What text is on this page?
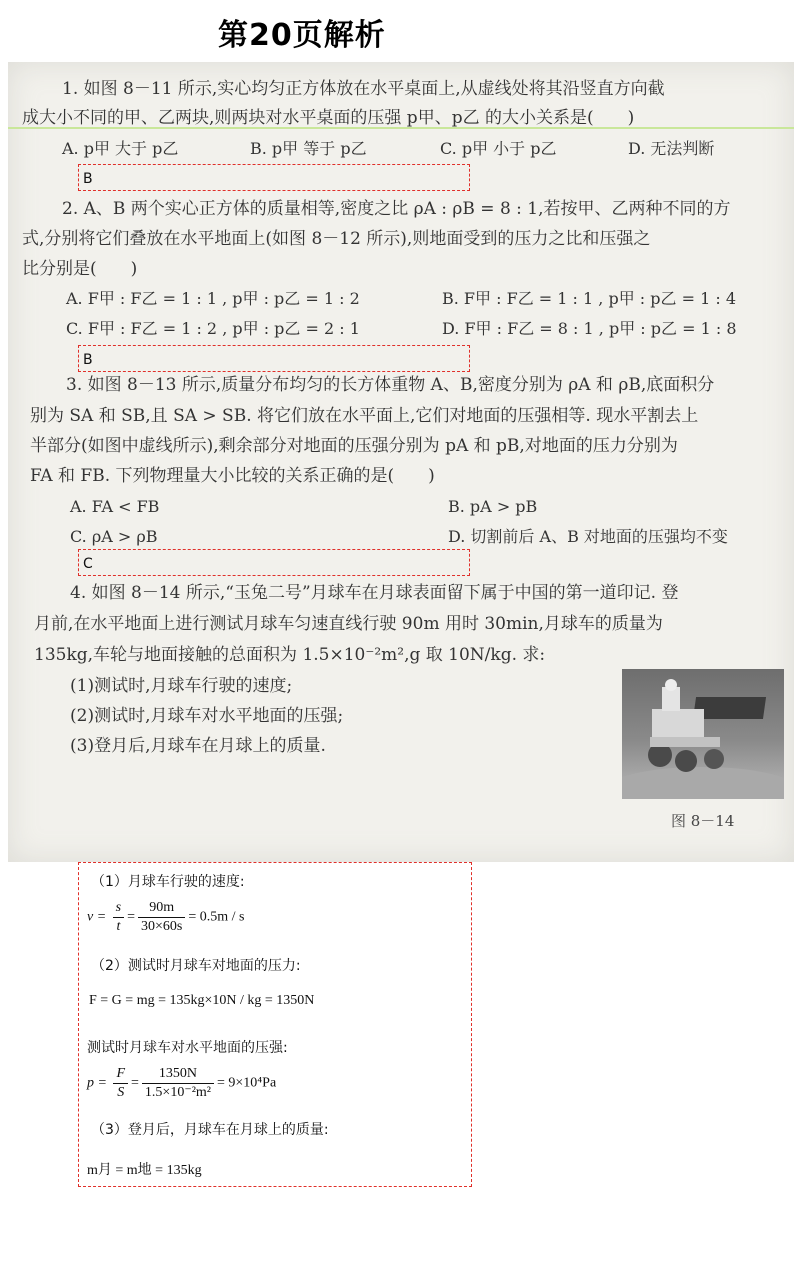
第20页解析
1. 如图 8－11 所示,实心均匀正方体放在水平桌面上,从虚线处将其沿竖直方向截
成大小不同的甲、乙两块,则两块对水平桌面的压强 p甲、p乙 的大小关系是(　　)
A. p甲 大于 p乙	B. p甲 等于 p乙	C. p甲 小于 p乙	D. 无法判断
B
2. A、B 两个实心正方体的质量相等,密度之比 ρA : ρB = 8 : 1,若按甲、乙两种不同的方
式,分别将它们叠放在水平地面上(如图 8－12 所示),则地面受到的压力之比和压强之
比分别是(　　)
A. F甲 : F乙 = 1 : 1 , p甲 : p乙 = 1 : 2	B. F甲 : F乙 = 1 : 1 , p甲 : p乙 = 1 : 4
C. F甲 : F乙 = 1 : 2 , p甲 : p乙 = 2 : 1	D. F甲 : F乙 = 8 : 1 , p甲 : p乙 = 1 : 8
B
3. 如图 8－13 所示,质量分布均匀的长方体重物 A、B,密度分别为 ρA 和 ρB,底面积分
别为 SA 和 SB,且 SA > SB. 将它们放在水平面上,它们对地面的压强相等. 现水平割去上
半部分(如图中虚线所示),剩余部分对地面的压强分别为 pA 和 pB,对地面的压力分别为
FA 和 FB. 下列物理量大小比较的关系正确的是(　　)
A. FA < FB	B. pA > pB
C. ρA > ρB	D. 切割前后 A、B 对地面的压强均不变
C
4. 如图 8－14 所示,“玉兔二号”月球车在月球表面留下属于中国的第一道印记. 登
月前,在水平地面上进行测试月球车匀速直线行驶 90m 用时 30min,月球车的质量为
135kg,车轮与地面接触的总面积为 1.5×10⁻²m²,g 取 10N/kg. 求:
(1)测试时,月球车行驶的速度;
(2)测试时,月球车对水平地面的压强;
(3)登月后,月球车在月球上的质量.
图 8－14
（1）月球车行驶的速度:
$v = \frac{s}{t} = \frac{90m}{30\times 60s} = 0.5m / s$
（2）测试时月球车对地面的压力:
F = G = mg = 135kg×10N / kg = 1350N
测试时月球车对水平地面的压强:
$p = \frac{F}{S} = \frac{1350N}{\text{1.5×10⁻²m²}} = 9\times 10^4Pa$
（3）登月后，月球车在月球上的质量:
m月 = m地 = 135kg
